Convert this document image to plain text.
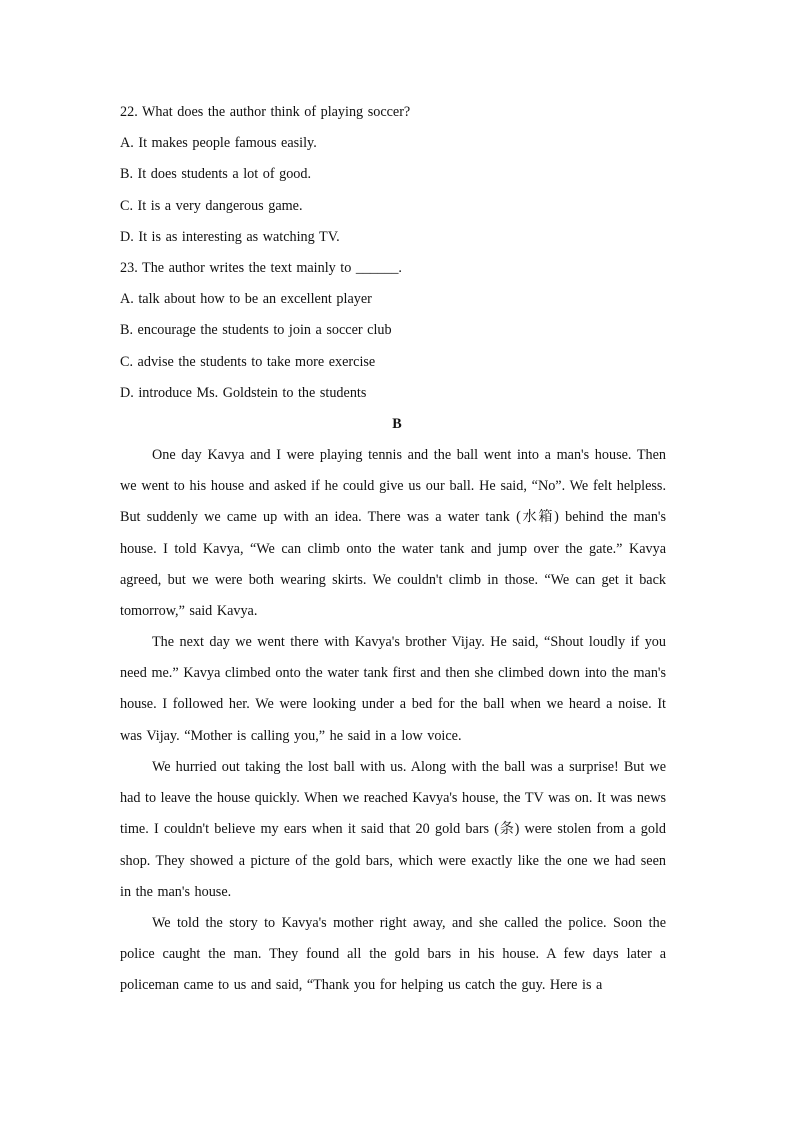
22. What does the author think of playing soccer?
A. It makes people famous easily.
B. It does students a lot of good.
C. It is a very dangerous game.
D. It is as interesting as watching TV.
23. The author writes the text mainly to ______.
A. talk about how to be an excellent player
B. encourage the students to join a soccer club
C. advise the students to take more exercise
D. introduce Ms. Goldstein to the students
B

One day Kavya and I were playing tennis and the ball went into a man's house. Then we went to his house and asked if he could give us our ball. He said, “No”. We felt helpless. But suddenly we came up with an idea. There was a water tank (水箱) behind the man's house. I told Kavya, “We can climb onto the water tank and jump over the gate.” Kavya agreed, but we were both wearing skirts. We couldn't climb in those. “We can get it back tomorrow,” said Kavya.

The next day we went there with Kavya's brother Vijay. He said, “Shout loudly if you need me.” Kavya climbed onto the water tank first and then she climbed down into the man's house. I followed her. We were looking under a bed for the ball when we heard a noise. It was Vijay. “Mother is calling you,” he said in a low voice.

We hurried out taking the lost ball with us. Along with the ball was a surprise! But we had to leave the house quickly. When we reached Kavya's house, the TV was on. It was news time. I couldn't believe my ears when it said that 20 gold bars (条) were stolen from a gold shop. They showed a picture of the gold bars, which were exactly like the one we had seen in the man's house.

We told the story to Kavya's mother right away, and she called the police. Soon the police caught the man. They found all the gold bars in his house. A few days later a policeman came to us and said, “Thank you for helping us catch the guy. Here is a
